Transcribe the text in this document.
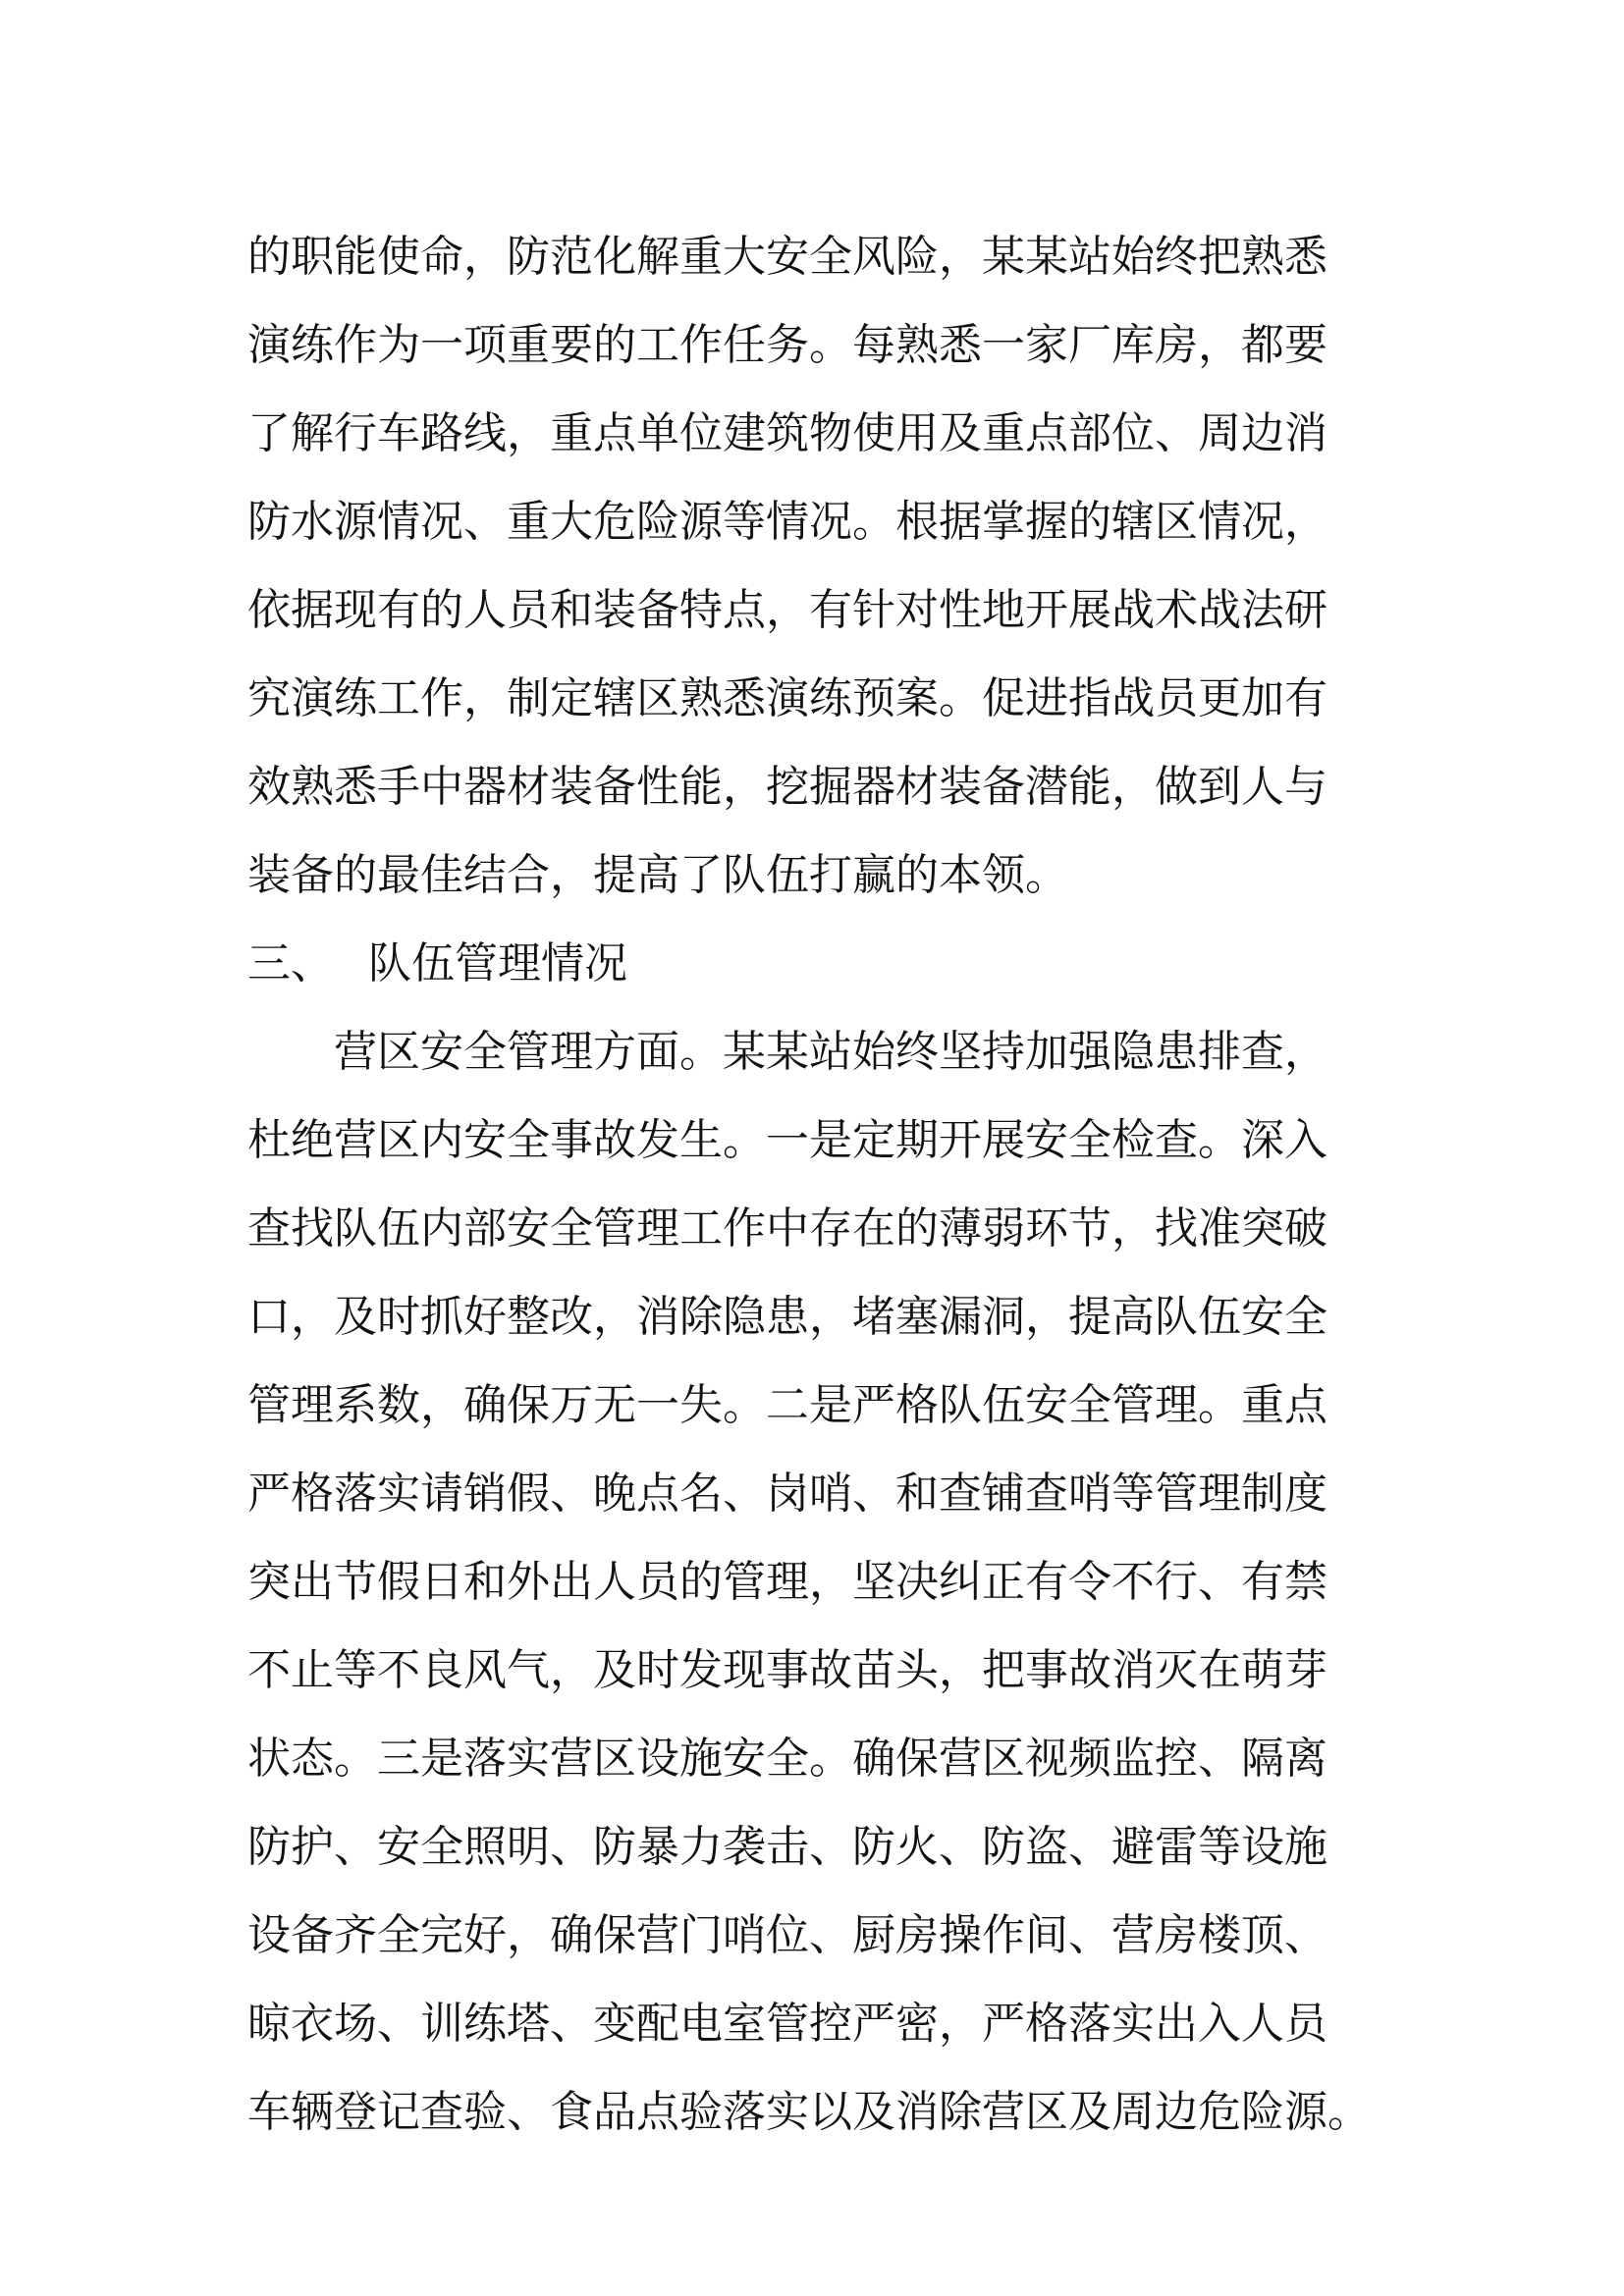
的职能使命，防范化解重大安全风险，某某站始终把熟悉
演练作为一项重要的工作任务。每熟悉一家厂库房，都要
了解行车路线，重点单位建筑物使用及重点部位、周边消
防水源情况、重大危险源等情况。根据掌握的辖区情况，
依据现有的人员和装备特点，有针对性地开展战术战法研
究演练工作，制定辖区熟悉演练预案。促进指战员更加有
效熟悉手中器材装备性能，挖掘器材装备潜能，做到人与
装备的最佳结合，提高了队伍打赢的本领。
三、 队伍管理情况
营区安全管理方面。某某站始终坚持加强隐患排查，
杜绝营区内安全事故发生。一是定期开展安全检查。深入
查找队伍内部安全管理工作中存在的薄弱环节，找准突破
口，及时抓好整改，消除隐患，堵塞漏洞，提高队伍安全
管理系数，确保万无一失。二是严格队伍安全管理。重点
严格落实请销假、晚点名、岗哨、和查铺查哨等管理制度
突出节假日和外出人员的管理，坚决纠正有令不行、有禁
不止等不良风气，及时发现事故苗头，把事故消灭在萌芽
状态。三是落实营区设施安全。确保营区视频监控、隔离
防护、安全照明、防暴力袭击、防火、防盗、避雷等设施
设备齐全完好，确保营门哨位、厨房操作间、营房楼顶、
晾衣场、训练塔、变配电室管控严密，严格落实出入人员
车辆登记查验、食品点验落实以及消除营区及周边危险源。
